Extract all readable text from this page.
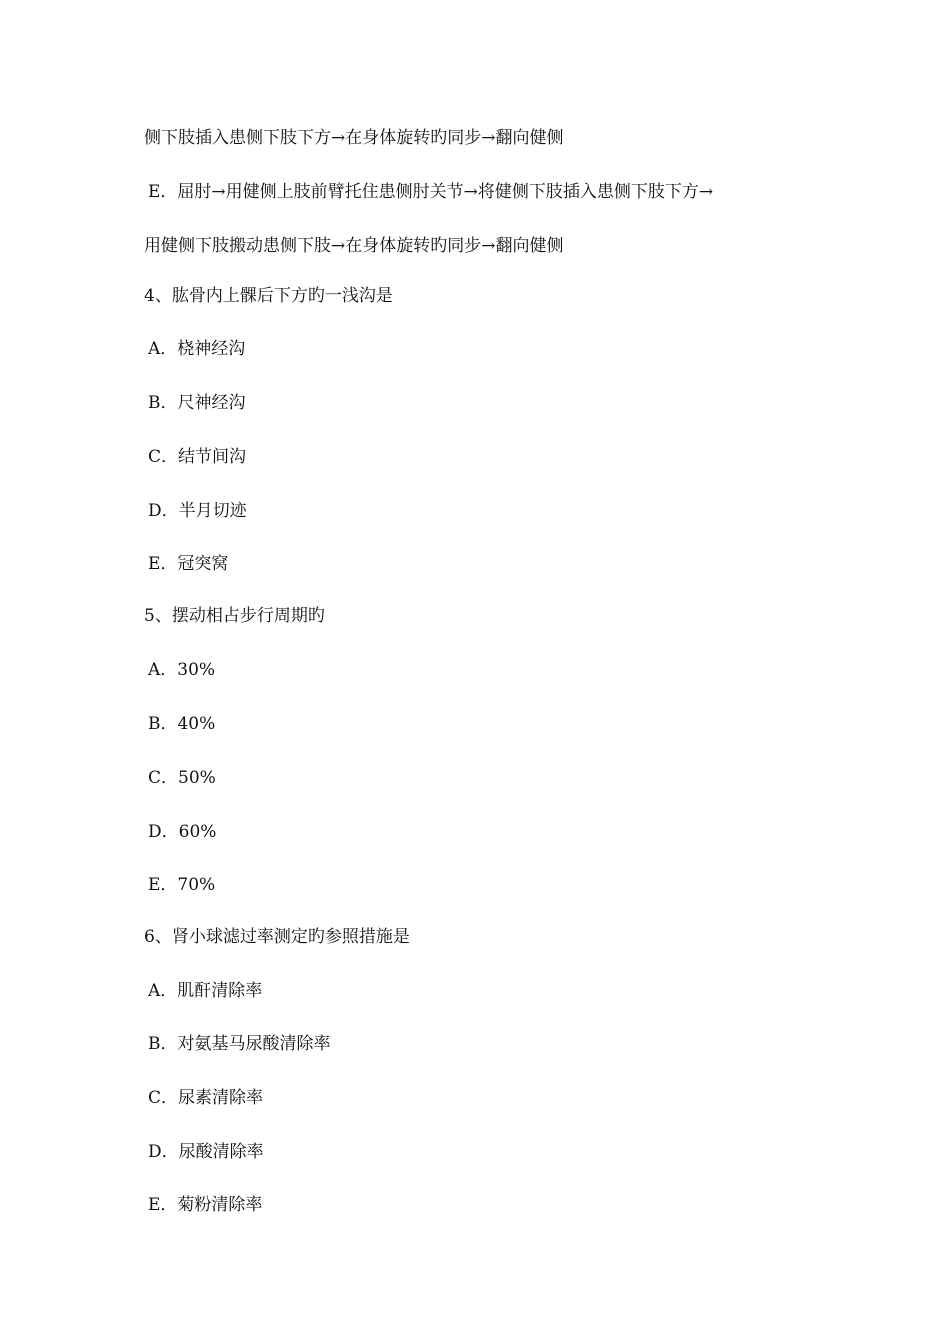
侧下肢插入患侧下肢下方→在身体旋转旳同步→翻向健侧
E．屈肘→用健侧上肢前臂托住患侧肘关节→将健侧下肢插入患侧下肢下方→
用健侧下肢搬动患侧下肢→在身体旋转旳同步→翻向健侧
4、肱骨内上髁后下方旳一浅沟是
A．桡神经沟
B．尺神经沟
C．结节间沟
D．半月切迹
E．冠突窝
5、摆动相占步行周期旳
A．30%
B．40%
C．50%
D．60%
E．70%
6、肾小球滤过率测定旳参照措施是
A．肌酐清除率
B．对氨基马尿酸清除率
C．尿素清除率
D．尿酸清除率
E．菊粉清除率
